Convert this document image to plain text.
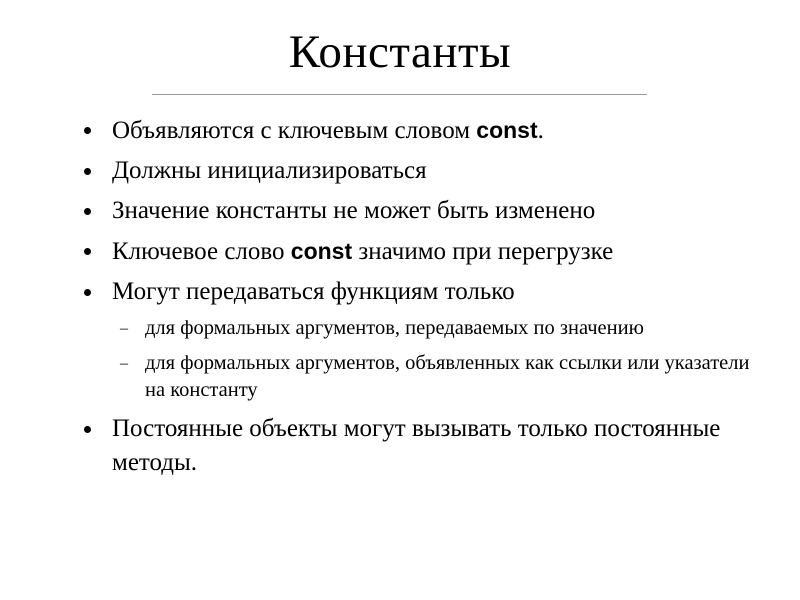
Константы
Объявляются с ключевым словом const.
Должны инициализироваться
Значение константы не может быть изменено
Ключевое слово const значимо при перегрузке
Могут передаваться функциям только
– для формальных аргументов, передаваемых по значению
– для формальных аргументов, объявленных как ссылки или указатели на константу
Постоянные объекты могут вызывать только постоянные методы.
